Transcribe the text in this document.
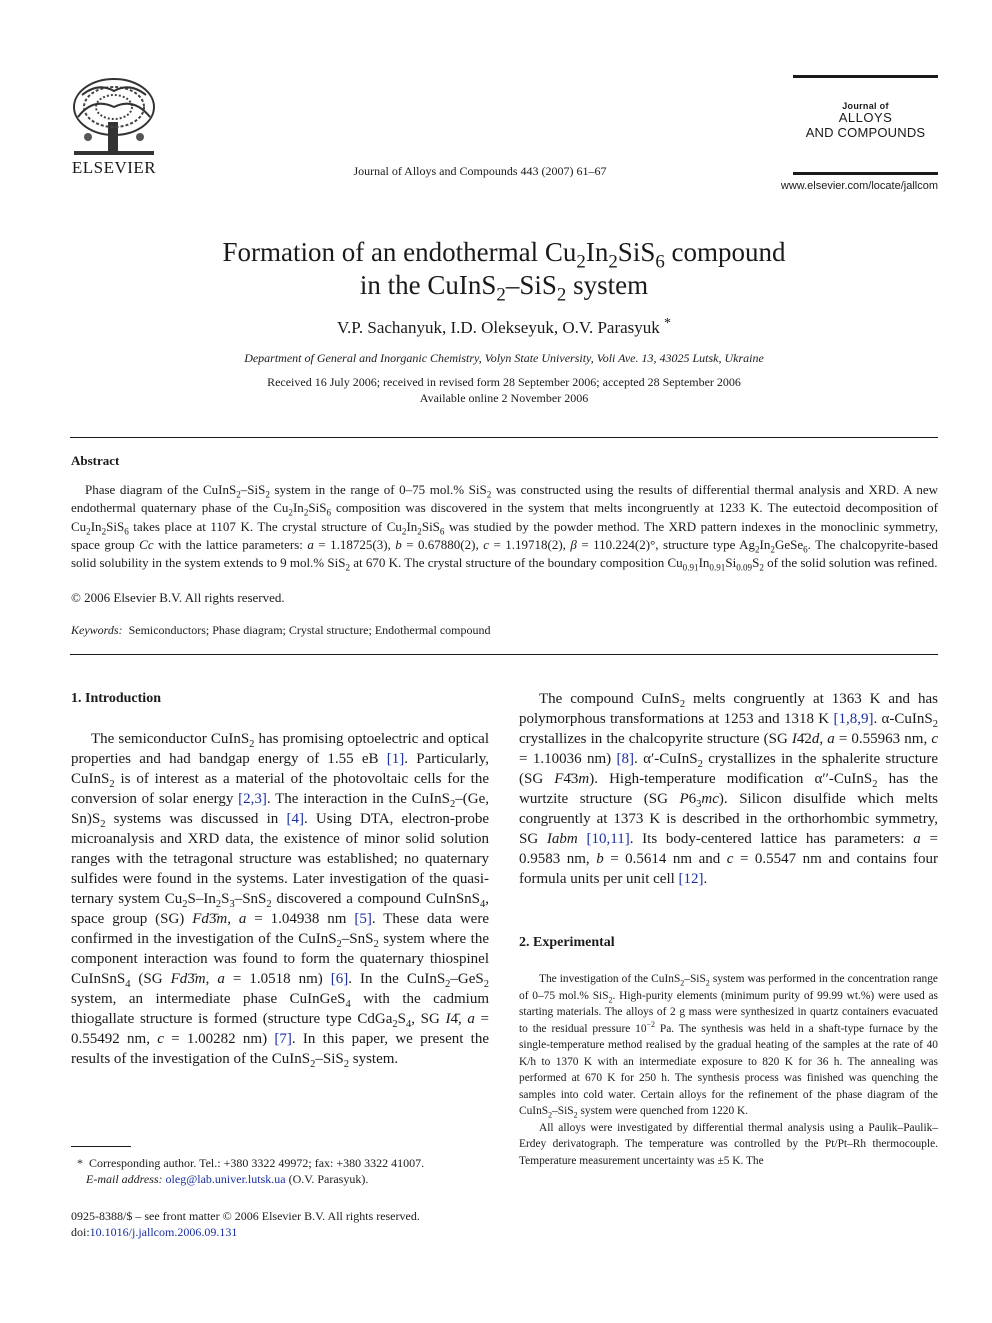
ELSEVIER	Journal of Alloys and Compounds 443 (2007) 61–67
Journal of
ALLOYS
AND COMPOUNDS
www.elsevier.com/locate/jallcom
Formation of an endothermal $Cu_2In_2SiS_6$ compound
in the CuInS$_2$–SiS$_2$ system
V.P. Sachanyuk, I.D. Olekseyuk, O.V. Parasyuk *
Department of General and Inorganic Chemistry, Volyn State University, Voli Ave. 13, 43025 Lutsk, Ukraine
Received 16 July 2006; received in revised form 28 September 2006; accepted 28 September 2006
Available online 2 November 2006
Abstract

Phase diagram of the CuInS$_2$–SiS$_2$ system in the range of 0–75 mol.% SiS$_2$ was constructed using the results of differential thermal analysis and XRD. A new endothermal quaternary phase of the $Cu_2In_2SiS_6$ composition was discovered in the system that melts incongruently at 1233 K. The eutectoid decomposition of $Cu_2In_2SiS_6$ takes place at 1107 K. The crystal structure of $Cu_2In_2SiS_6$ was studied by the powder method. The XRD pattern indexes in the monoclinic symmetry, space group Cc with the lattice parameters: a = 1.18725(3), b = 0.67880(2), c = 1.19718(2), β = 110.224(2)°, structure type $Ag_2In_2GeSe_6$. The chalcopyrite-based solid solubility in the system extends to 9 mol.% SiS$_2$ at 670 K. The crystal structure of the boundary composition $Cu_{0.91}In_{0.91}Si_{0.09}S_2$ of the solid solution was refined.

© 2006 Elsevier B.V. All rights reserved.
Keywords: Semiconductors; Phase diagram; Crystal structure; Endothermal compound
1. Introduction

The semiconductor CuInS$_2$ has promising optoelectric and optical properties and had bandgap energy of 1.55 eB [1]. Particularly, CuInS$_2$ is of interest as a material of the photovoltaic cells for the conversion of solar energy [2,3]. The interaction in the CuInS$_2$–(Ge, $Sn)S_2$ systems was discussed in [4]. Using DTA, electron-probe microanalysis and XRD data, the existence of minor solid solution ranges with the tetragonal structure was established; no quaternary sulfides were found in the systems. Later investigation of the quasi-ternary system $Cu_2S-In_2S_3-SnS_2$ discovered a compound CuInSnS$_4$, space group (SG) Fd3̄m, a = 1.04938 nm [5]. These data were confirmed in the investigation of the CuInS$_2$–SnS$_2$ system where the component interaction was found to form the quaternary thiospinel CuInSnS$_4$ (SG Fd3̄m, a = 1.0518 nm) [6]. In the CuInS$_2$–GeS$_2$ system, an intermediate phase CuInGeS$_4$ with the cadmium thiogallate structure is formed (structure type $CdGa_2S_4$, SG I4̄, a = 0.55492 nm, c = 1.00282 nm) [7]. In this paper, we present the results of the investigation of the CuInS$_2$–SiS$_2$ system.

* Corresponding author. Tel.: +380 3322 49972; fax: +380 3322 41007.
E-mail address: oleg@lab.univer.lutsk.ua (O.V. Parasyuk).
0925-8388/$ – see front matter © 2006 Elsevier B.V. All rights reserved.
doi:10.1016/j.jallcom.2006.09.131

The compound CuInS$_2$ melts congruently at 1363 K and has polymorphous transformations at 1253 and 1318 K [1,8,9]. α-CuInS$_2$ crystallizes in the chalcopyrite structure (SG I4̄2d, a = 0.55963 nm, c = 1.10036 nm) [8]. α′-CuInS$_2$ crystallizes in the sphalerite structure (SG F4̄3m). High-temperature modification α′′-CuInS$_2$ has the wurtzite structure (SG $P6_3mc$). Silicon disulfide which melts congruently at 1373 K is described in the orthorhombic symmetry, SG Iabm [10,11]. Its body-centered lattice has parameters: a = 0.9583 nm, b = 0.5614 nm and c = 0.5547 nm and contains four formula units per unit cell [12].

2. Experimental

The investigation of the CuInS$_2$–SiS$_2$ system was performed in the concentration range of 0–75 mol.% SiS$_2$. High-purity elements (minimum purity of 99.99 wt.%) were used as starting materials. The alloys of 2 g mass were synthesized in quartz containers evacuated to the residual pressure $10^{-2}$ Pa. The synthesis was held in a shaft-type furnace by the single-temperature method realised by the gradual heating of the samples at the rate of 40 K/h to 1370 K with an intermediate exposure to 820 K for 36 h. The annealing was performed at 670 K for 250 h. The synthesis process was finished was quenching the samples into cold water. Certain alloys for the refinement of the phase diagram of the CuInS$_2$–SiS$_2$ system were quenched from 1220 K.

All alloys were investigated by differential thermal analysis using a Paulik–Paulik–Erdey derivatograph. The temperature was controlled by the Pt/Pt–Rh thermocouple. Temperature measurement uncertainty was ±5 K. The
